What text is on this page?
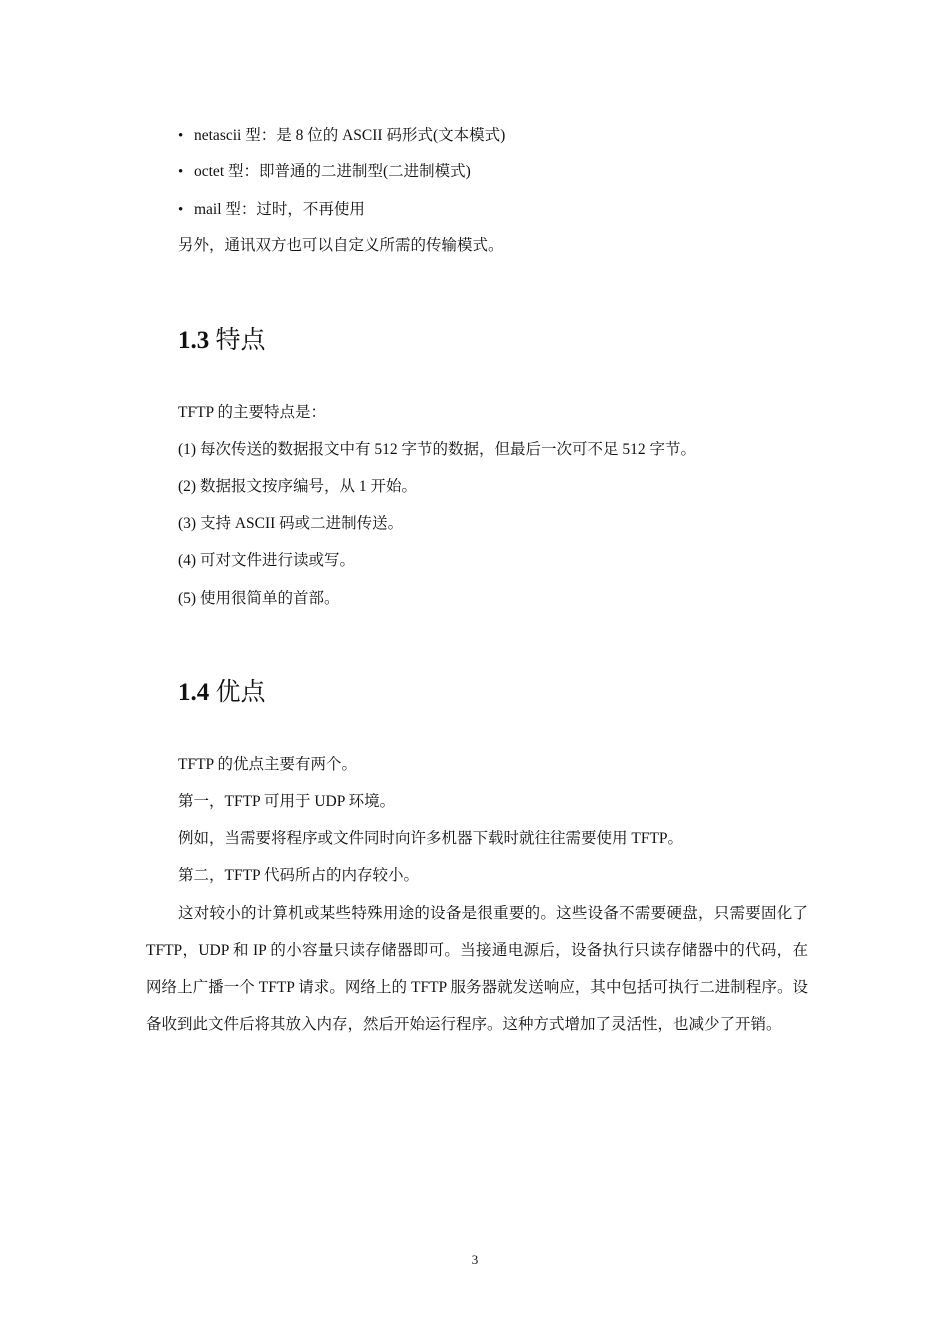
• netascii 型：是 8 位的 ASCII 码形式(文本模式)
• octet 型：即普通的二进制型(二进制模式)
• mail 型：过时，不再使用
另外，通讯双方也可以自定义所需的传输模式。
1.3 特点
TFTP 的主要特点是：
(1) 每次传送的数据报文中有 512 字节的数据，但最后一次可不足 512 字节。
(2) 数据报文按序编号，从 1 开始。
(3) 支持 ASCII 码或二进制传送。
(4) 可对文件进行读或写。
(5) 使用很简单的首部。
1.4 优点
TFTP 的优点主要有两个。
第一，TFTP 可用于 UDP 环境。
例如，当需要将程序或文件同时向许多机器下载时就往往需要使用 TFTP。
第二，TFTP 代码所占的内存较小。
这对较小的计算机或某些特殊用途的设备是很重要的。这些设备不需要硬盘，只需要固化了 TFTP，UDP 和 IP 的小容量只读存储器即可。当接通电源后，设备执行只读存储器中的代码，在网络上广播一个 TFTP 请求。网络上的 TFTP 服务器就发送响应，其中包括可执行二进制程序。设备收到此文件后将其放入内存，然后开始运行程序。这种方式增加了灵活性，也减少了开销。
3
